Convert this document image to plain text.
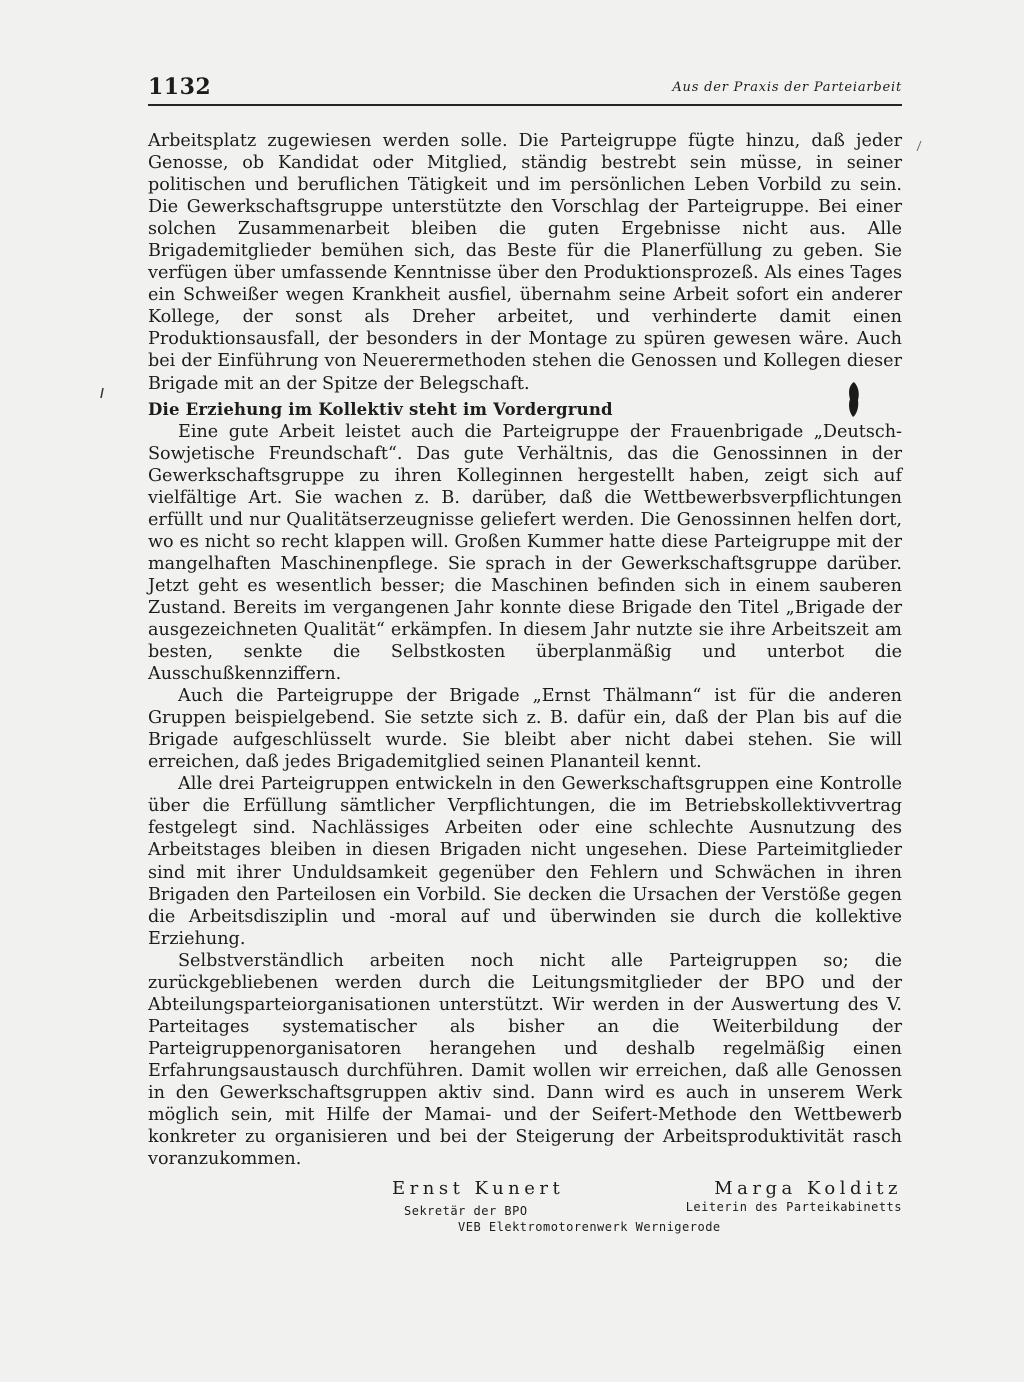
1132	Aus der Praxis der Parteiarbeit

Arbeitsplatz zugewiesen werden solle. Die Parteigruppe fügte hinzu, daß jeder Genosse, ob Kandidat oder Mitglied, ständig bestrebt sein müsse, in seiner politischen und beruflichen Tätigkeit und im persönlichen Leben Vorbild zu sein. Die Gewerkschaftsgruppe unterstützte den Vorschlag der Parteigruppe. Bei einer solchen Zusammenarbeit bleiben die guten Ergebnisse nicht aus. Alle Brigademitglieder bemühen sich, das Beste für die Planerfüllung zu geben. Sie verfügen über umfassende Kenntnisse über den Produktionsprozeß. Als eines Tages ein Schweißer wegen Krankheit ausfiel, übernahm seine Arbeit sofort ein anderer Kollege, der sonst als Dreher arbeitet, und verhinderte damit einen Produktionsausfall, der besonders in der Montage zu spüren gewesen wäre. Auch bei der Einführung von Neuerermethoden stehen die Genossen und Kollegen dieser Brigade mit an der Spitze der Belegschaft.

Die Erziehung im Kollektiv steht im Vordergrund

Eine gute Arbeit leistet auch die Parteigruppe der Frauenbrigade „Deutsch-Sowjetische Freundschaft“. Das gute Verhältnis, das die Genossinnen in der Gewerkschaftsgruppe zu ihren Kolleginnen hergestellt haben, zeigt sich auf vielfältige Art. Sie wachen z. B. darüber, daß die Wettbewerbsverpflichtungen erfüllt und nur Qualitätserzeugnisse geliefert werden. Die Genossinnen helfen dort, wo es nicht so recht klappen will. Großen Kummer hatte diese Parteigruppe mit der mangelhaften Maschinenpflege. Sie sprach in der Gewerkschaftsgruppe darüber. Jetzt geht es wesentlich besser; die Maschinen befinden sich in einem sauberen Zustand. Bereits im vergangenen Jahr konnte diese Brigade den Titel „Brigade der ausgezeichneten Qualität“ erkämpfen. In diesem Jahr nutzte sie ihre Arbeitszeit am besten, senkte die Selbstkosten überplanmäßig und unterbot die Ausschußkennziffern.

Auch die Parteigruppe der Brigade „Ernst Thälmann“ ist für die anderen Gruppen beispielgebend. Sie setzte sich z. B. dafür ein, daß der Plan bis auf die Brigade aufgeschlüsselt wurde. Sie bleibt aber nicht dabei stehen. Sie will erreichen, daß jedes Brigademitglied seinen Plananteil kennt.

Alle drei Parteigruppen entwickeln in den Gewerkschaftsgruppen eine Kontrolle über die Erfüllung sämtlicher Verpflichtungen, die im Betriebskollektivvertrag festgelegt sind. Nachlässiges Arbeiten oder eine schlechte Ausnutzung des Arbeitstages bleiben in diesen Brigaden nicht ungesehen. Diese Parteimitglieder sind mit ihrer Unduldsamkeit gegenüber den Fehlern und Schwächen in ihren Brigaden den Parteilosen ein Vorbild. Sie decken die Ursachen der Verstöße gegen die Arbeitsdisziplin und -moral auf und überwinden sie durch die kollektive Erziehung.

Selbstverständlich arbeiten noch nicht alle Parteigruppen so; die zurückgebliebenen werden durch die Leitungsmitglieder der BPO und der Abteilungsparteiorganisationen unterstützt. Wir werden in der Auswertung des V. Parteitages systematischer als bisher an die Weiterbildung der Parteigruppenorganisatoren herangehen und deshalb regelmäßig einen Erfahrungsaustausch durchführen. Damit wollen wir erreichen, daß alle Genossen in den Gewerkschaftsgruppen aktiv sind. Dann wird es auch in unserem Werk möglich sein, mit Hilfe der Mamai- und der Seifert-Methode den Wettbewerb konkreter zu organisieren und bei der Steigerung der Arbeitsproduktivität rasch voranzukommen.

Ernst Kunert	Marga Kolditz
Sekretär der BPO	Leiterin des Parteikabinetts
VEB Elektromotorenwerk Wernigerode
